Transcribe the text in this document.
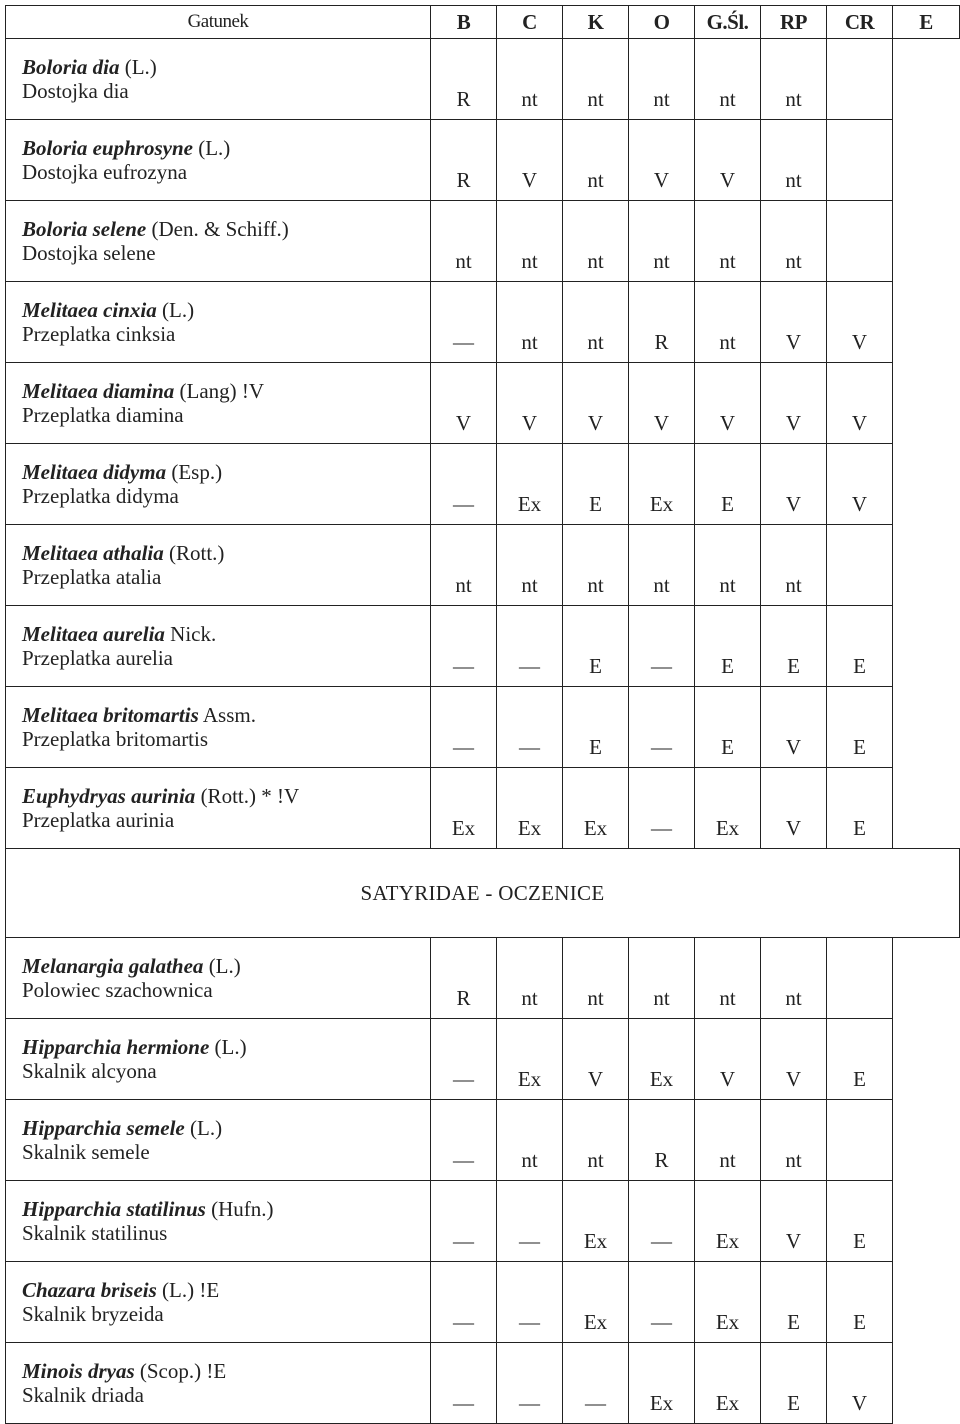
Gatunek	B	C	K	O	G.Śl.	RP	CR	E

Boloria dia (L.)
Dostojka dia	R	nt	nt	nt	nt	nt		

Boloria euphrosyne (L.)
Dostojka eufrozyna	R	V	nt	V	V	nt		

Boloria selene (Den. & Schiff.)
Dostojka selene	nt	nt	nt	nt	nt	nt		

Melitaea cinxia (L.)
Przeplatka cinksia	—	nt	nt	R	nt	V	V	

Melitaea diamina (Lang) !V
Przeplatka diamina	V	V	V	V	V	V	V	

Melitaea didyma (Esp.)
Przeplatka didyma	—	Ex	E	Ex	E	V	V	

Melitaea athalia (Rott.)
Przeplatka atalia	nt	nt	nt	nt	nt	nt		

Melitaea aurelia Nick.
Przeplatka aurelia	—	—	E	—	E	E	E	

Melitaea britomartis Assm.
Przeplatka britomartis	—	—	E	—	E	V	E	

Euphydryas aurinia (Rott.) * !V
Przeplatka aurinia	Ex	Ex	Ex	—	Ex	V	E	
SATYRIDAE - OCZENICE								

Melanargia galathea (L.)
Polowiec szachownica	R	nt	nt	nt	nt	nt		

Hipparchia hermione (L.)
Skalnik alcyona	—	Ex	V	Ex	V	V	E	

Hipparchia semele (L.)
Skalnik semele	—	nt	nt	R	nt	nt		

Hipparchia statilinus (Hufn.)
Skalnik statilinus	—	—	Ex	—	Ex	V	E	

Chazara briseis (L.) !E
Skalnik bryzeida	—	—	Ex	—	Ex	E	E	

Minois dryas (Scop.) !E
Skalnik driada	—	—	—	Ex	Ex	E	V	
